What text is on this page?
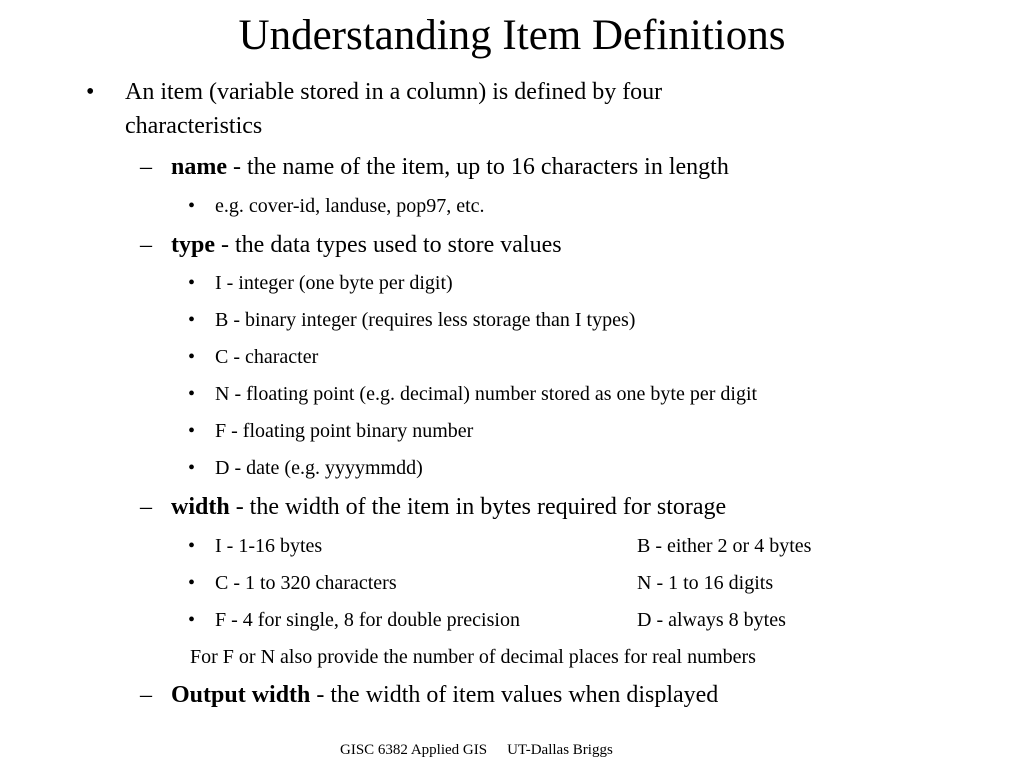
Understanding Item Definitions
• An item (variable stored in a column) is defined by four
characteristics
– name - the name of the item, up to 16 characters in length
• e.g. cover-id, landuse, pop97, etc.
– type - the data types used to store values
• I - integer (one byte per digit)
• B - binary integer (requires less storage than I types)
• C - character
• N - floating point (e.g. decimal) number stored as one byte per digit
• F - floating point binary number
• D - date (e.g. yyyymmdd)
– width - the width of the item in bytes required for storage
• I - 1-16 bytes	B - either 2 or 4 bytes
• C - 1 to 320 characters	N - 1 to 16 digits
• F - 4 for single, 8 for double precision	D - always 8 bytes
For F or N also provide the number of decimal places for real numbers
– Output width - the width of item values when displayed
GISC 6382 Applied GIS UT-Dallas Briggs
